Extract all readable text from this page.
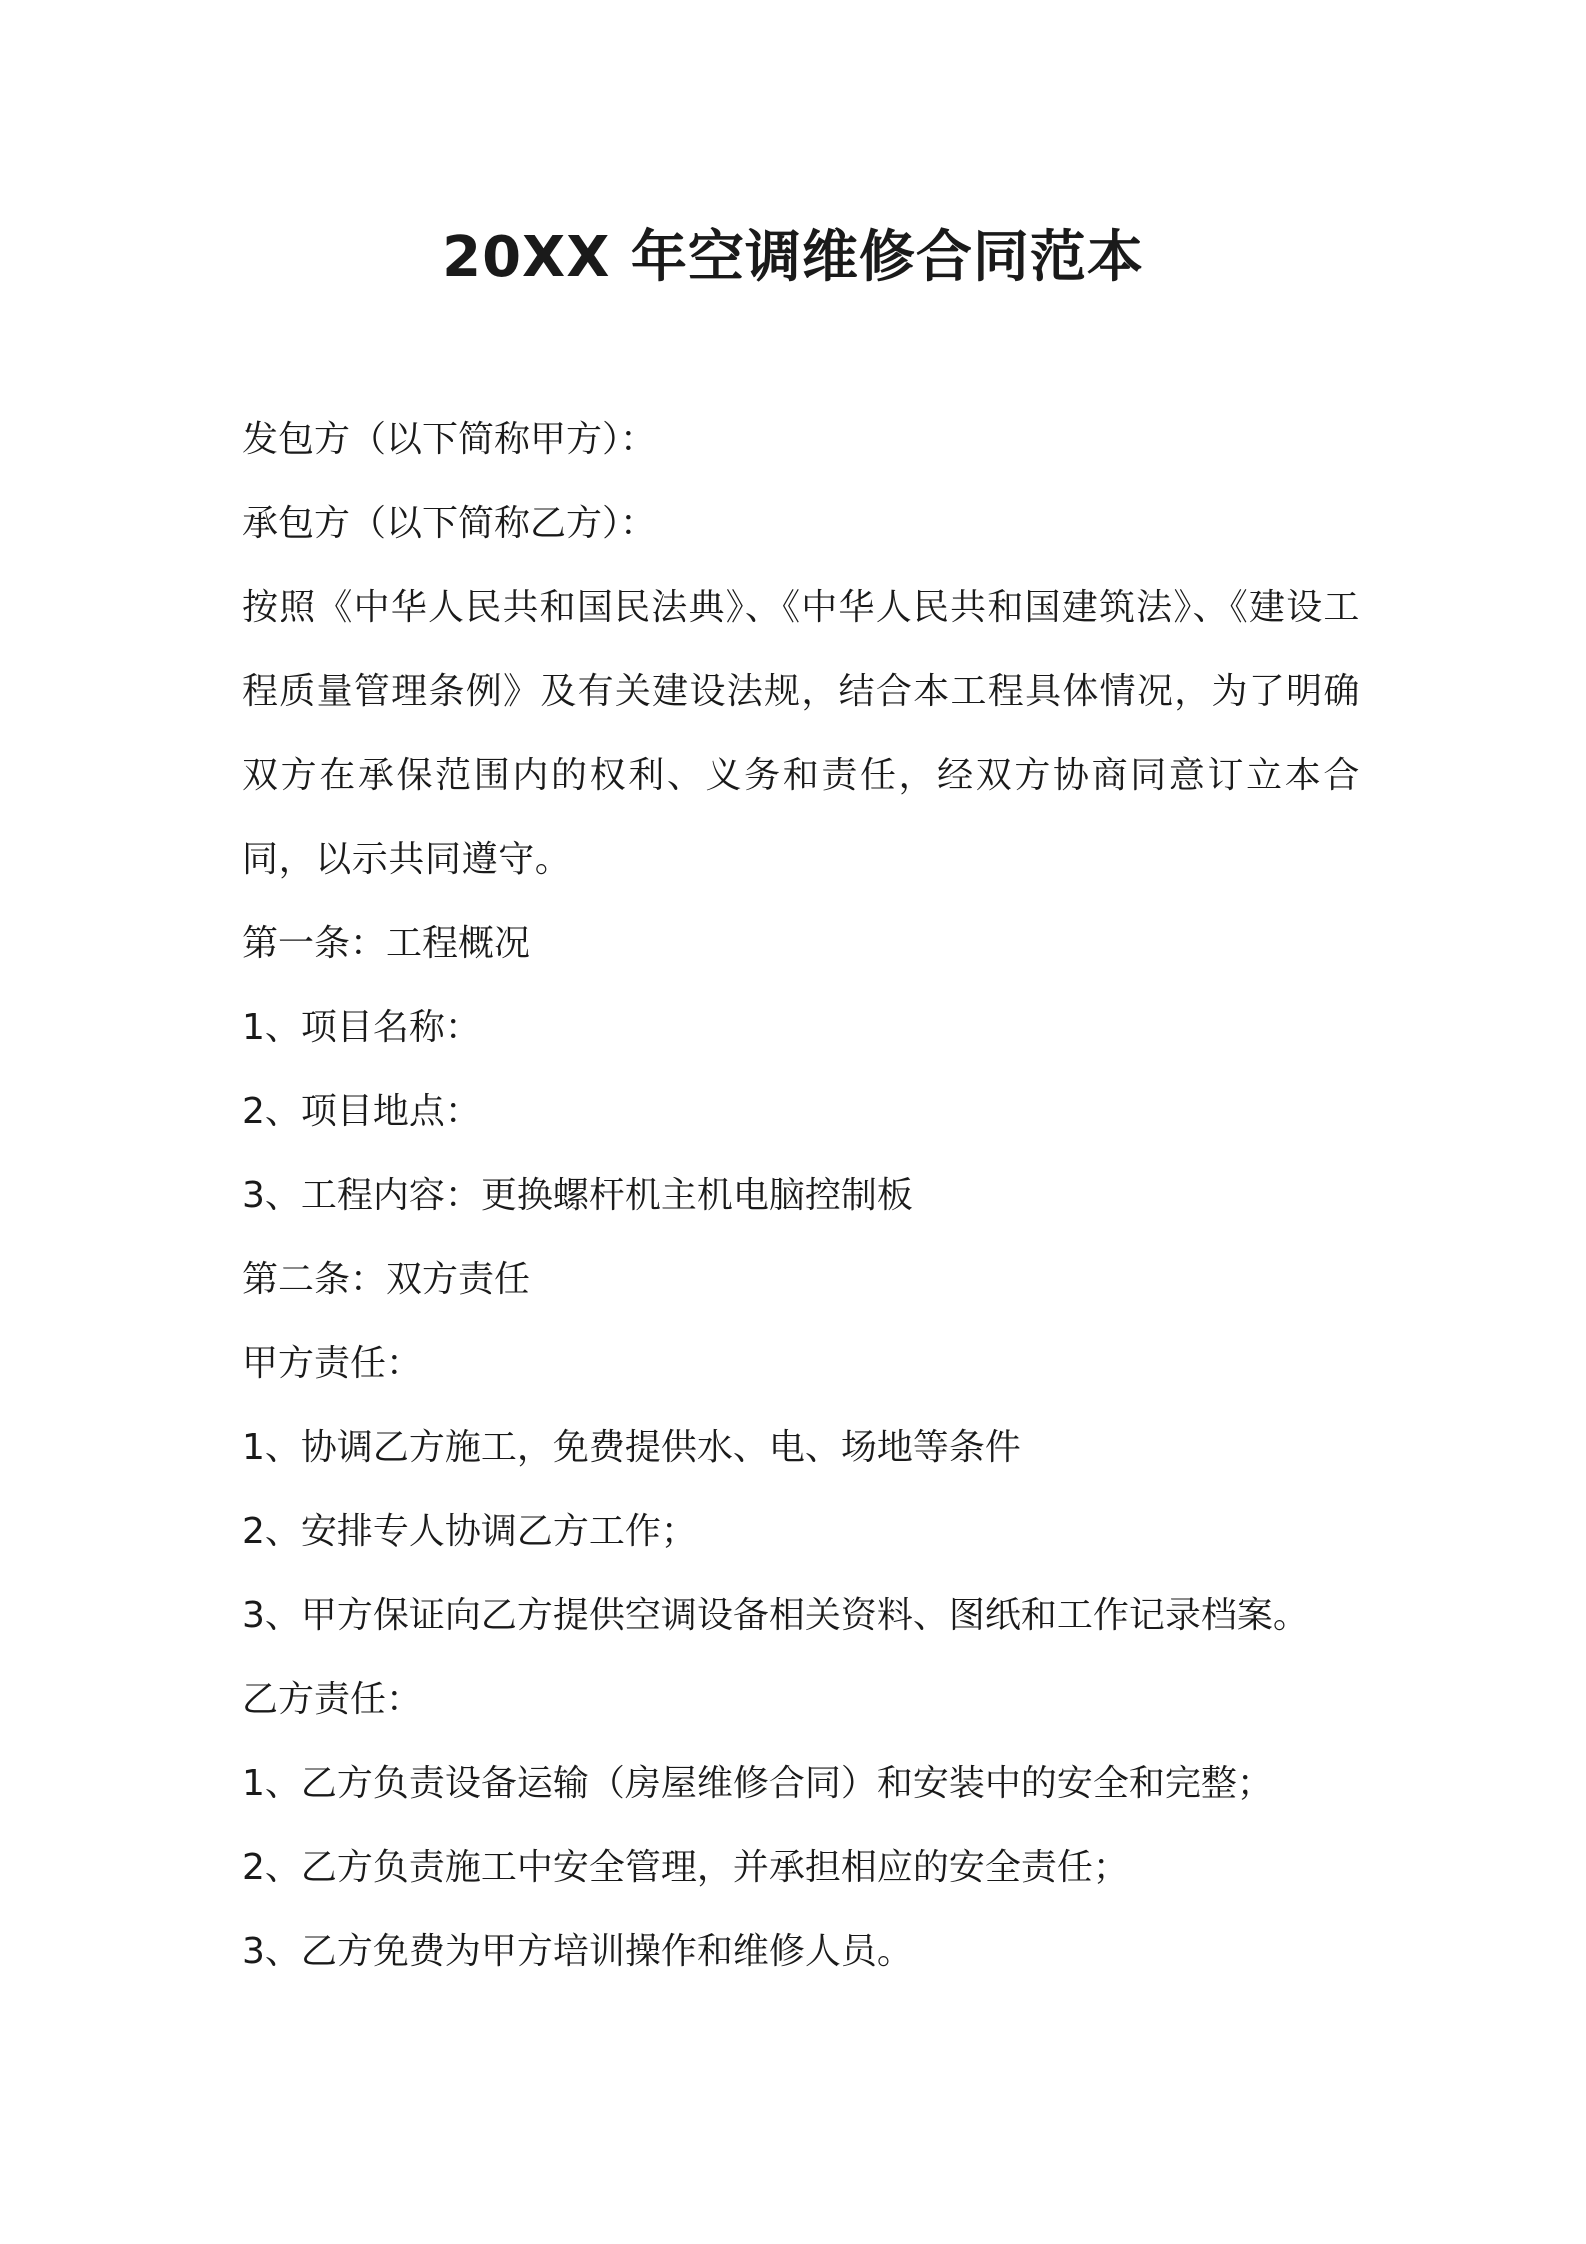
20XX 年空调维修合同范本
发包方（以下简称甲方）：
承包方（以下简称乙方）：
按照《中华人民共和国民法典》、《中华人民共和国建筑法》、《建设工程质量管理条例》及有关建设法规，结合本工程具体情况，为了明确双方在承保范围内的权利、义务和责任，经双方协商同意订立本合同，以示共同遵守。
第一条：工程概况
1、项目名称：
2、项目地点：
3、工程内容：更换螺杆机主机电脑控制板
第二条：双方责任
甲方责任：
1、协调乙方施工，免费提供水、电、场地等条件
2、安排专人协调乙方工作；
3、甲方保证向乙方提供空调设备相关资料、图纸和工作记录档案。
乙方责任：
1、乙方负责设备运输（房屋维修合同）和安装中的安全和完整；
2、乙方负责施工中安全管理，并承担相应的安全责任；
3、乙方免费为甲方培训操作和维修人员。
